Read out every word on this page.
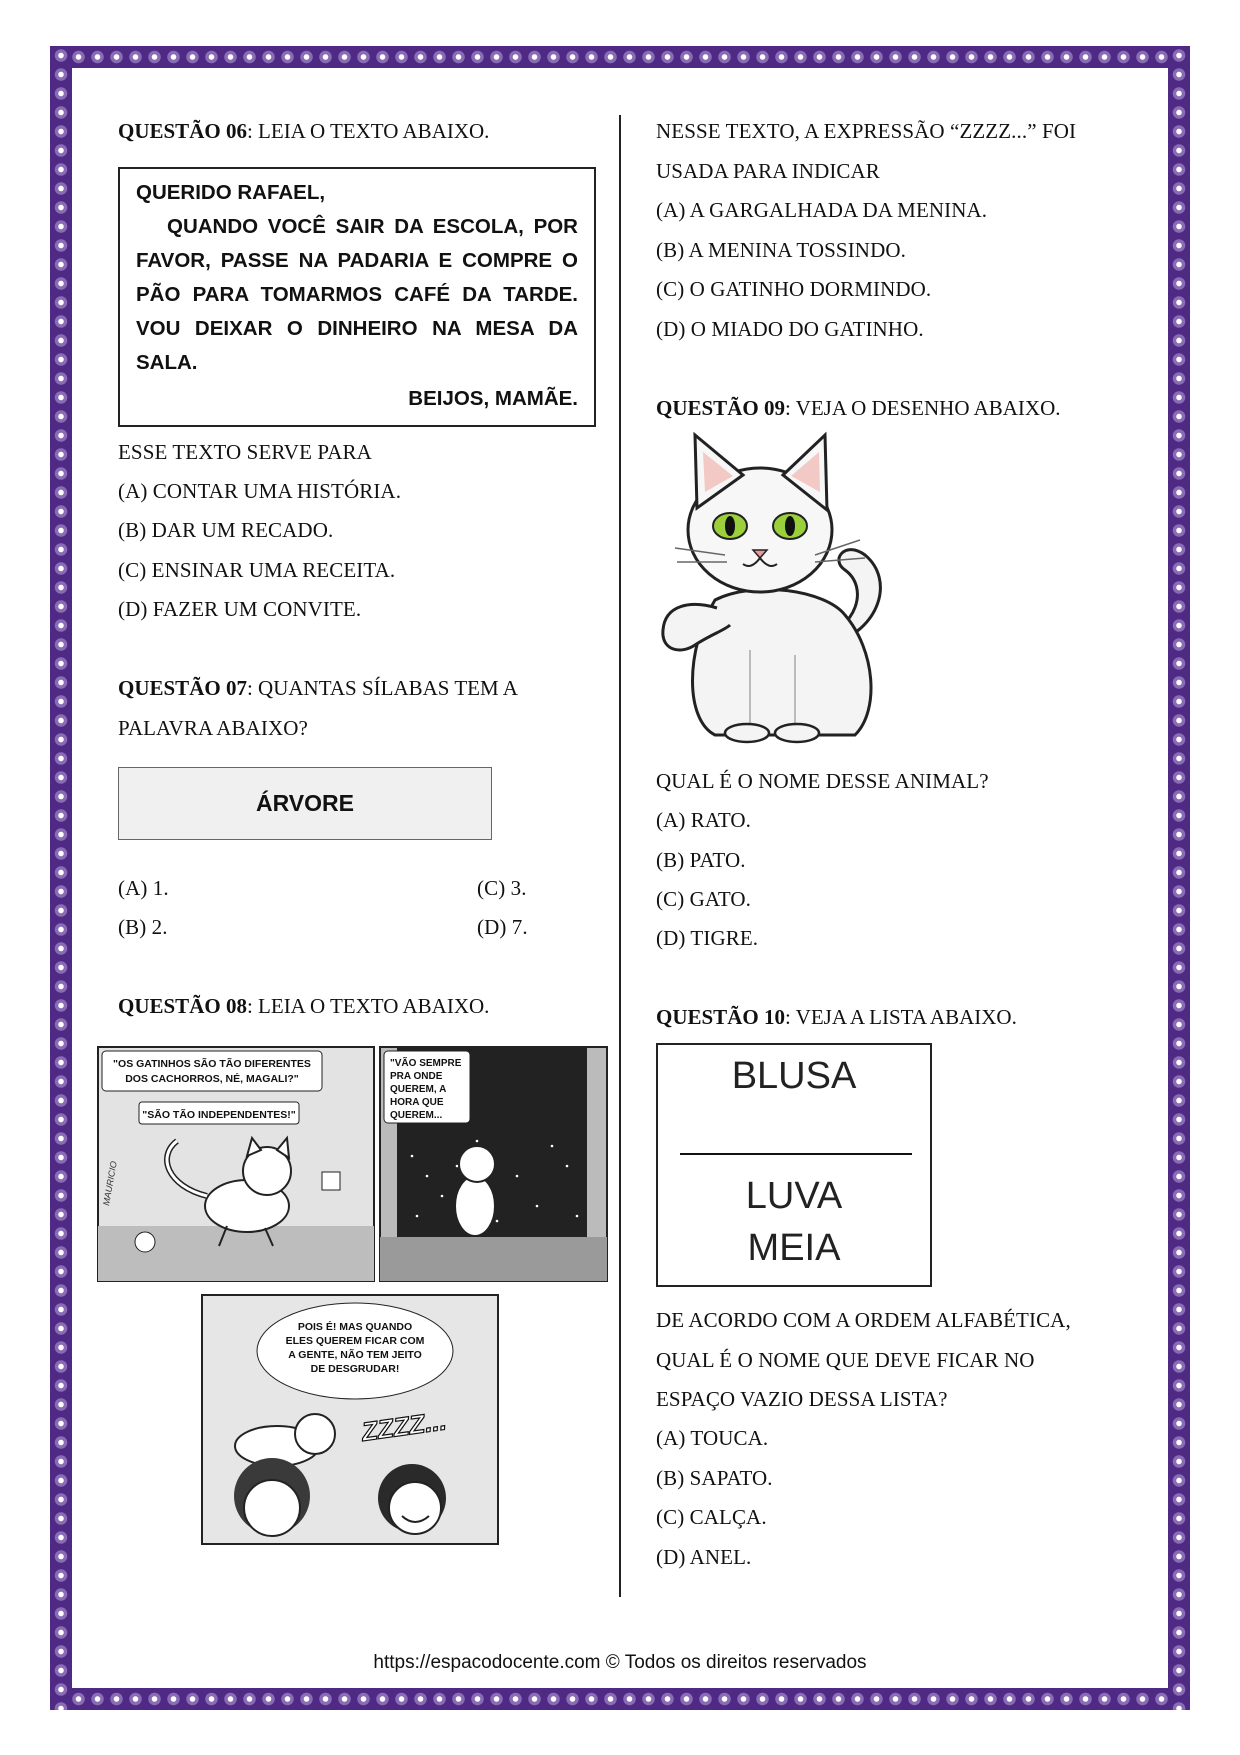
QUESTÃO 06: LEIA O TEXTO ABAIXO.
QUERIDO RAFAEL,
QUANDO VOCÊ SAIR DA ESCOLA, POR
FAVOR, PASSE NA PADARIA E COMPRE O
PÃO PARA TOMARMOS CAFÉ DA TARDE.
VOU DEIXAR O DINHEIRO NA MESA DA
SALA.
BEIJOS, MAMÃE.
ESSE TEXTO SERVE PARA
(A) CONTAR UMA HISTÓRIA.
(B) DAR UM RECADO.
(C) ENSINAR UMA RECEITA.
(D) FAZER UM CONVITE.
QUESTÃO 07: QUANTAS SÍLABAS TEM A
PALAVRA ABAIXO?
ÁRVORE
(A) 1.	(C) 3.
(B) 2.	(D) 7.
QUESTÃO 08: LEIA O TEXTO ABAIXO.
"OS GATINHOS SÃO TÃO DIFERENTES
DOS CACHORROS, NÉ, MAGALI?"
"SÃO TÃO INDEPENDENTES!"
MAURICIO
"VÃO SEMPRE
PRA ONDE
QUEREM, A
HORA QUE
QUEREM...
POIS É! MAS QUANDO
ELES QUEREM FICAR COM
A GENTE, NÃO TEM JEITO
DE DESGRUDAR!
ZZZZ...
NESSE TEXTO, A EXPRESSÃO “ZZZZ...” FOI
USADA PARA INDICAR
(A) A GARGALHADA DA MENINA.
(B) A MENINA TOSSINDO.
(C) O GATINHO DORMINDO.
(D) O MIADO DO GATINHO.
QUESTÃO 09: VEJA O DESENHO ABAIXO.
QUAL É O NOME DESSE ANIMAL?
(A) RATO.
(B) PATO.
(C) GATO.
(D) TIGRE.
QUESTÃO 10: VEJA A LISTA ABAIXO.
BLUSA
LUVA
MEIA
DE ACORDO COM A ORDEM ALFABÉTICA,
QUAL É O NOME QUE DEVE FICAR NO
ESPAÇO VAZIO DESSA LISTA?
(A) TOUCA.
(B) SAPATO.
(C) CALÇA.
(D) ANEL.
https://espacodocente.com © Todos os direitos reservados
